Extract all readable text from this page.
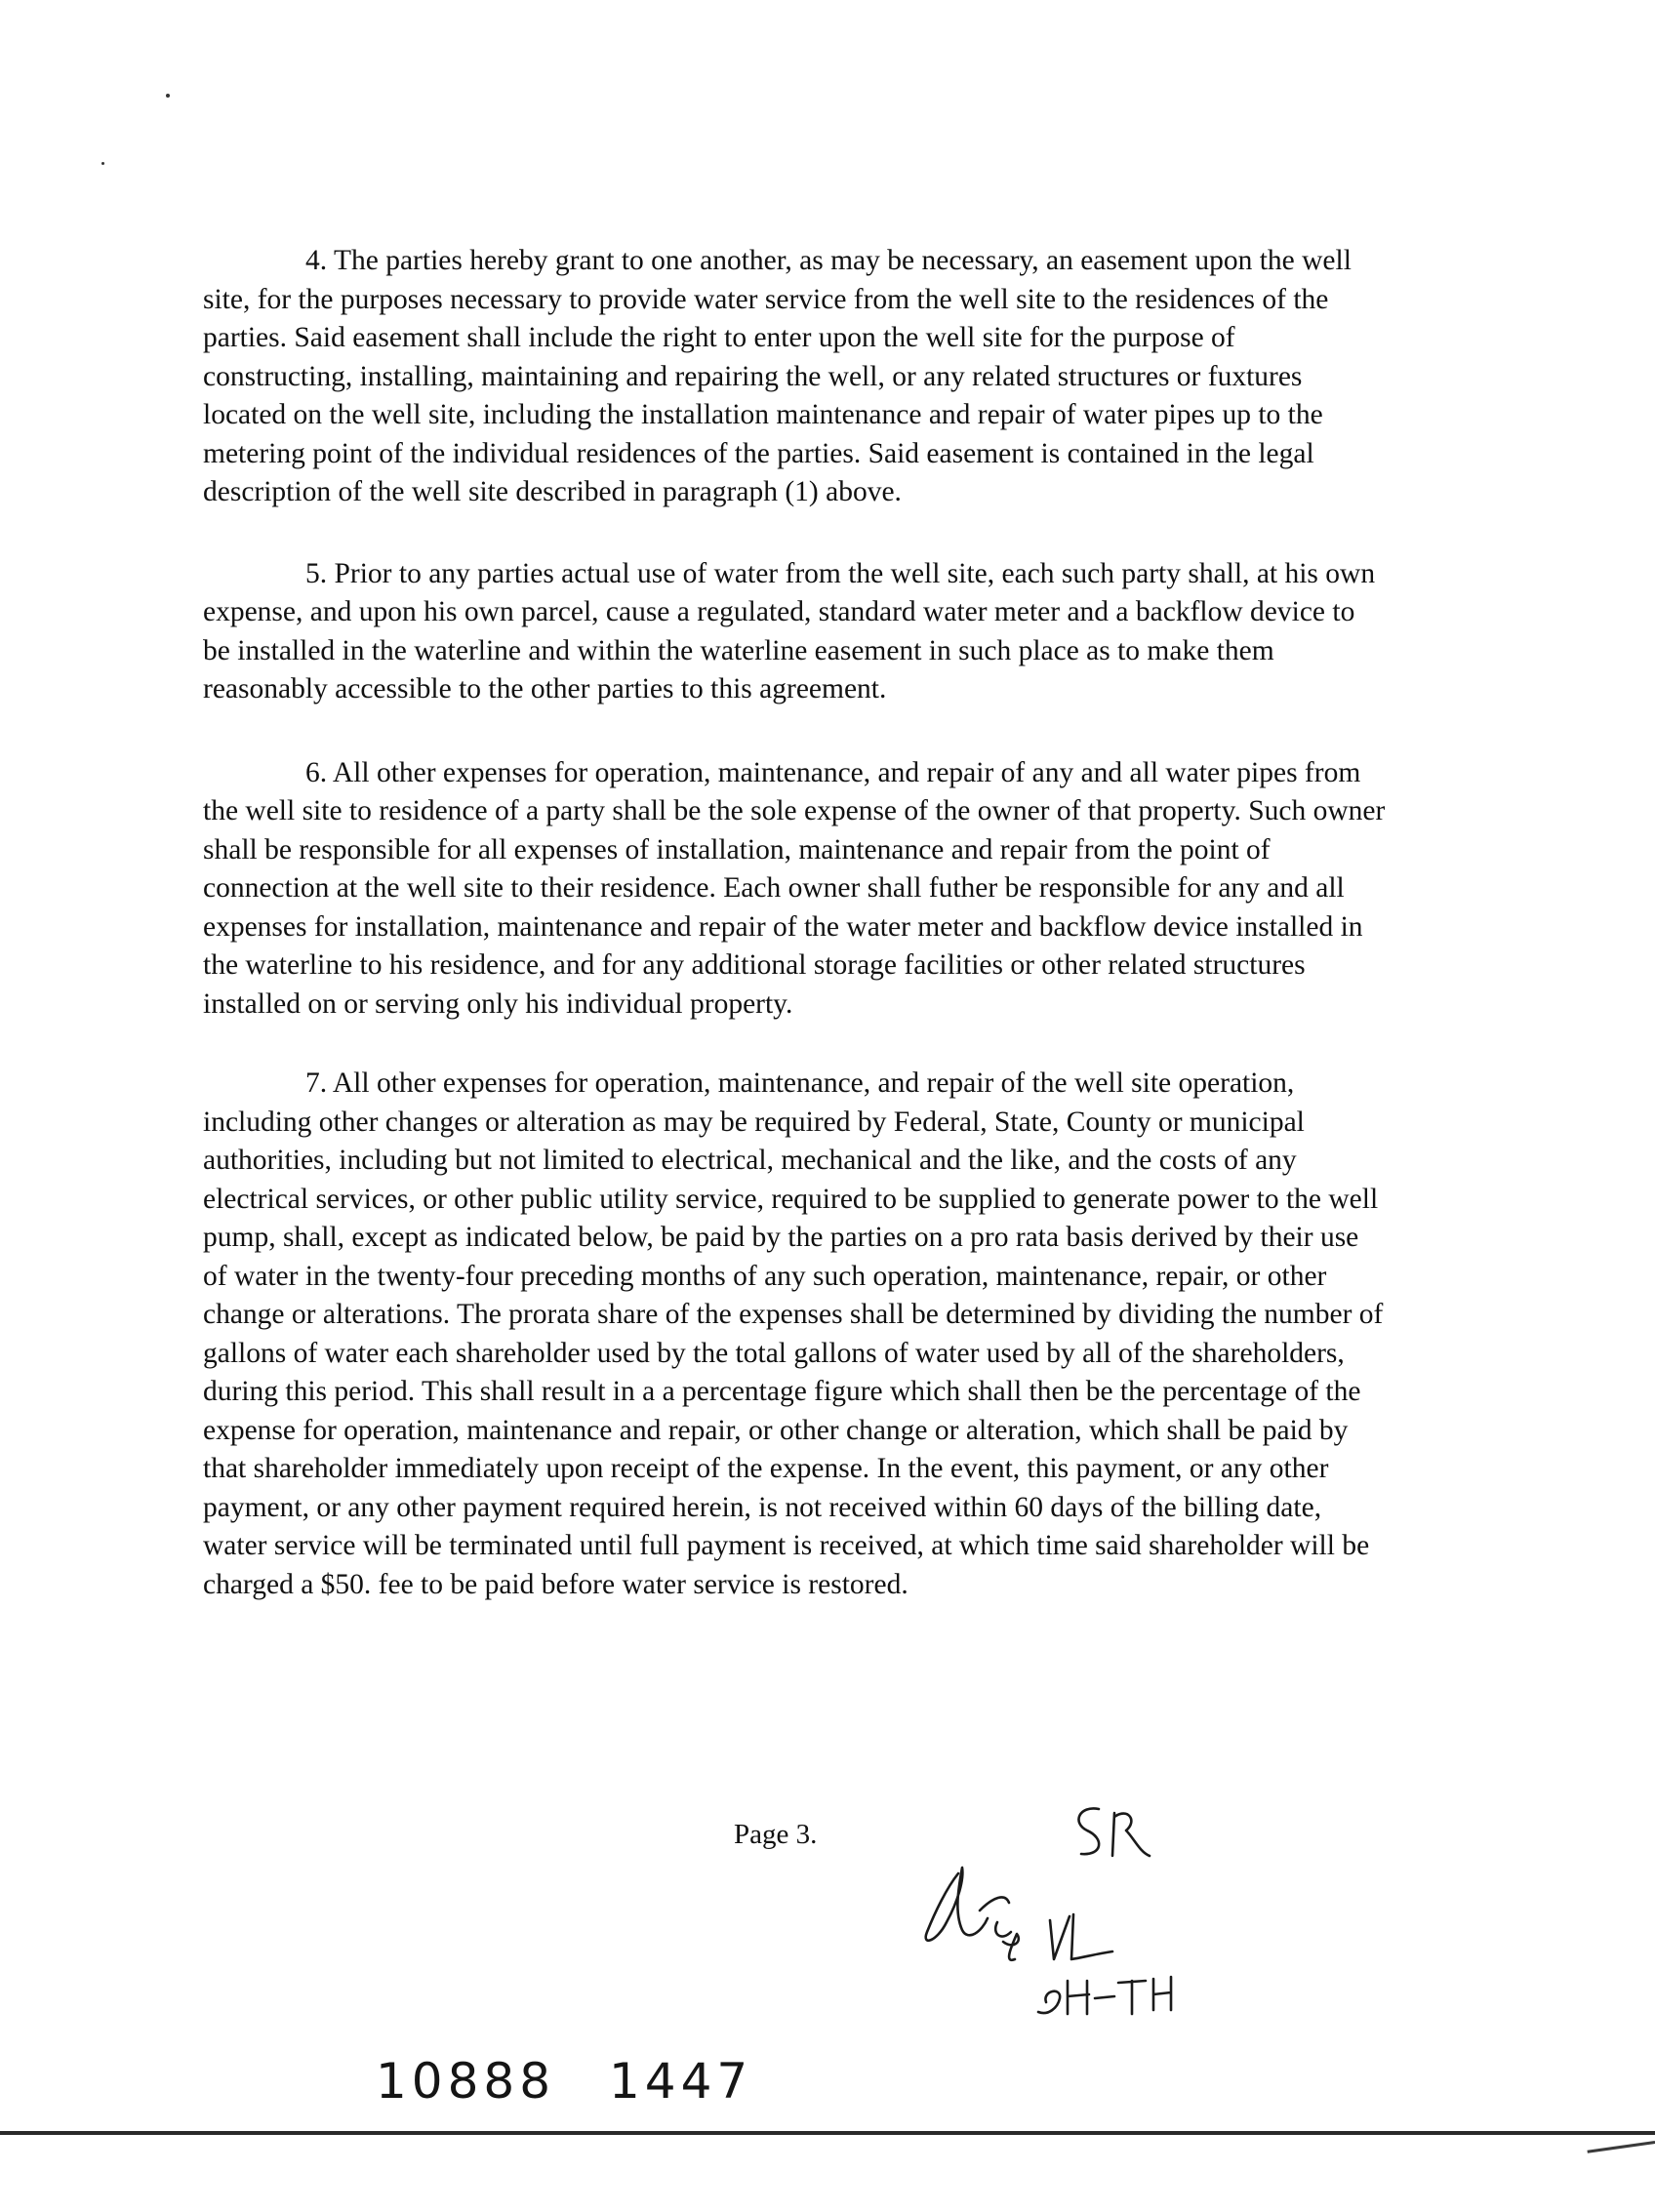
4. The parties hereby grant to one another, as may be necessary, an easement upon the well site, for the purposes necessary to provide water service from the well site to the residences of the parties. Said easement shall include the right to enter upon the well site for the purpose of constructing, installing, maintaining and repairing the well, or any related structures or fuxtures located on the well site, including the installation maintenance and repair of water pipes up to the metering point of the individual residences of the parties. Said easement is contained in the legal description of the well site described in paragraph (1) above.

5. Prior to any parties actual use of water from the well site, each such party shall, at his own expense, and upon his own parcel, cause a regulated, standard water meter and a backflow device to be installed in the waterline and within the waterline easement in such place as to make them reasonably accessible to the other parties to this agreement.

6. All other expenses for operation, maintenance, and repair of any and all water pipes from the well site to residence of a party shall be the sole expense of the owner of that property. Such owner shall be responsible for all expenses of installation, maintenance and repair from the point of connection at the well site to their residence. Each owner shall futher be responsible for any and all expenses for installation, maintenance and repair of the water meter and backflow device installed in the waterline to his residence, and for any additional storage facilities or other related structures installed on or serving only his individual property.

7. All other expenses for operation, maintenance, and repair of the well site operation, including other changes or alteration as may be required by Federal, State, County or municipal authorities, including but not limited to electrical, mechanical and the like, and the costs of any electrical services, or other public utility service, required to be supplied to generate power to the well pump, shall, except as indicated below, be paid by the parties on a pro rata basis derived by their use of water in the twenty-four preceding months of any such operation, maintenance, repair, or other change or alterations. The prorata share of the expenses shall be determined by dividing the number of gallons of water each shareholder used by the total gallons of water used by all of the shareholders, during this period. This shall result in a a percentage figure which shall then be the percentage of the expense for operation, maintenance and repair, or other change or alteration, which shall be paid by that shareholder immediately upon receipt of the expense. In the event, this payment, or any other payment, or any other payment required herein, is not received within 60 days of the billing date, water service will be terminated until full payment is received, at which time said shareholder will be charged a $50. fee to be paid before water service is restored.

Page 3.
10888 1447
